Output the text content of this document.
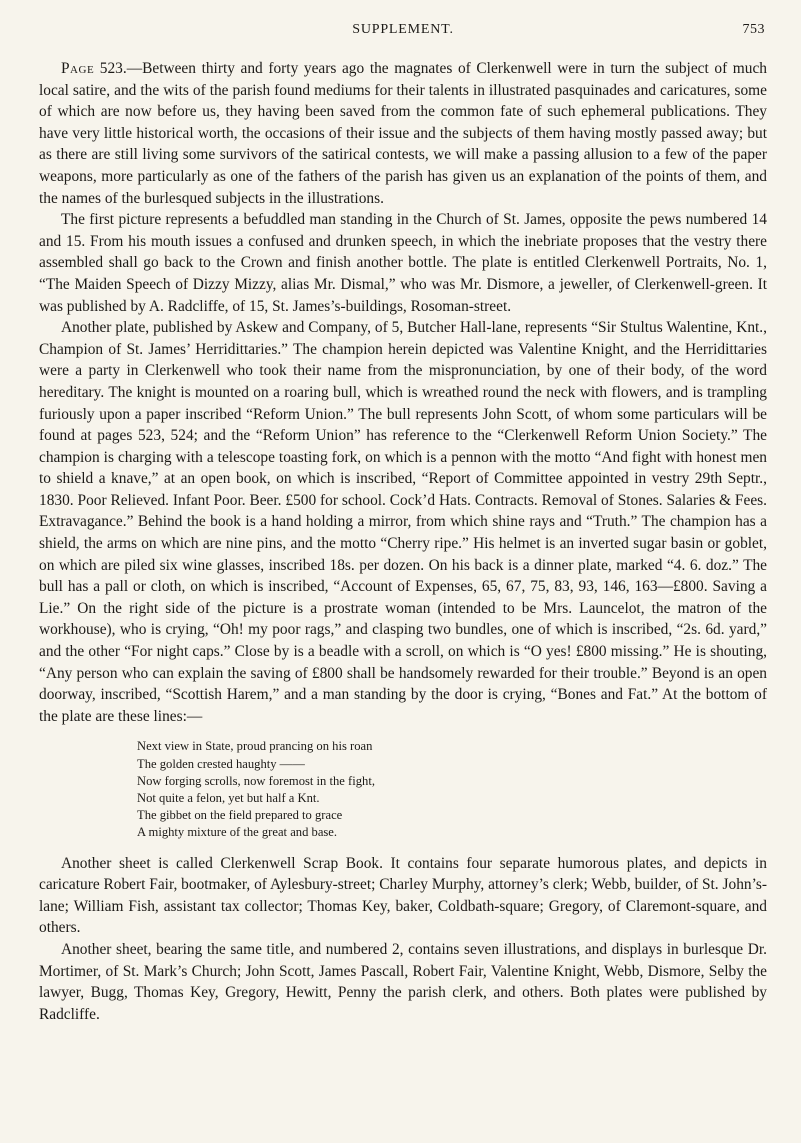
SUPPLEMENT.	753

Page 523.—Between thirty and forty years ago the magnates of Clerkenwell were in turn the subject of much local satire, and the wits of the parish found mediums for their talents in illustrated pasquinades and caricatures, some of which are now before us, they having been saved from the common fate of such ephemeral publications. They have very little historical worth, the occasions of their issue and the subjects of them having mostly passed away; but as there are still living some survivors of the satirical contests, we will make a passing allusion to a few of the paper weapons, more particularly as one of the fathers of the parish has given us an explanation of the points of them, and the names of the burlesqued subjects in the illustrations.

The first picture represents a befuddled man standing in the Church of St. James, opposite the pews numbered 14 and 15. From his mouth issues a confused and drunken speech, in which the inebriate proposes that the vestry there assembled shall go back to the Crown and finish another bottle. The plate is entitled Clerkenwell Portraits, No. 1, “The Maiden Speech of Dizzy Mizzy, alias Mr. Dismal,” who was Mr. Dismore, a jeweller, of Clerkenwell-green. It was published by A. Radcliffe, of 15, St. James’s-buildings, Rosoman-street.

Another plate, published by Askew and Company, of 5, Butcher Hall-lane, represents “Sir Stultus Walentine, Knt., Champion of St. James’ Herridittaries.” The champion herein depicted was Valentine Knight, and the Herridittaries were a party in Clerkenwell who took their name from the mispronunciation, by one of their body, of the word hereditary. The knight is mounted on a roaring bull, which is wreathed round the neck with flowers, and is trampling furiously upon a paper inscribed “Reform Union.” The bull represents John Scott, of whom some particulars will be found at pages 523, 524; and the “Reform Union” has reference to the “Clerkenwell Reform Union Society.” The champion is charging with a telescope toasting fork, on which is a pennon with the motto “And fight with honest men to shield a knave,” at an open book, on which is inscribed, “Report of Committee appointed in vestry 29th Septr., 1830. Poor Relieved. Infant Poor. Beer. £500 for school. Cock’d Hats. Contracts. Removal of Stones. Salaries & Fees. Extravagance.” Behind the book is a hand holding a mirror, from which shine rays and “Truth.” The champion has a shield, the arms on which are nine pins, and the motto “Cherry ripe.” His helmet is an inverted sugar basin or goblet, on which are piled six wine glasses, inscribed 18s. per dozen. On his back is a dinner plate, marked “4. 6. doz.” The bull has a pall or cloth, on which is inscribed, “Account of Expenses, 65, 67, 75, 83, 93, 146, 163—£800. Saving a Lie.” On the right side of the picture is a prostrate woman (intended to be Mrs. Launcelot, the matron of the workhouse), who is crying, “Oh! my poor rags,” and clasping two bundles, one of which is inscribed, “2s. 6d. yard,” and the other “For night caps.” Close by is a beadle with a scroll, on which is “O yes! £800 missing.” He is shouting, “Any person who can explain the saving of £800 shall be handsomely rewarded for their trouble.” Beyond is an open doorway, inscribed, “Scottish Harem,” and a man standing by the door is crying, “Bones and Fat.” At the bottom of the plate are these lines:—

Next view in State, proud prancing on his roan
The golden crested haughty ——
Now forging scrolls, now foremost in the fight,
Not quite a felon, yet but half a Knt.
The gibbet on the field prepared to grace
A mighty mixture of the great and base.

Another sheet is called Clerkenwell Scrap Book. It contains four separate humorous plates, and depicts in caricature Robert Fair, bootmaker, of Aylesbury-street; Charley Murphy, attorney’s clerk; Webb, builder, of St. John’s-lane; William Fish, assistant tax collector; Thomas Key, baker, Coldbath-square; Gregory, of Claremont-square, and others.

Another sheet, bearing the same title, and numbered 2, contains seven illustrations, and displays in burlesque Dr. Mortimer, of St. Mark’s Church; John Scott, James Pascall, Robert Fair, Valentine Knight, Webb, Dismore, Selby the lawyer, Bugg, Thomas Key, Gregory, Hewitt, Penny the parish clerk, and others. Both plates were published by Radcliffe.
